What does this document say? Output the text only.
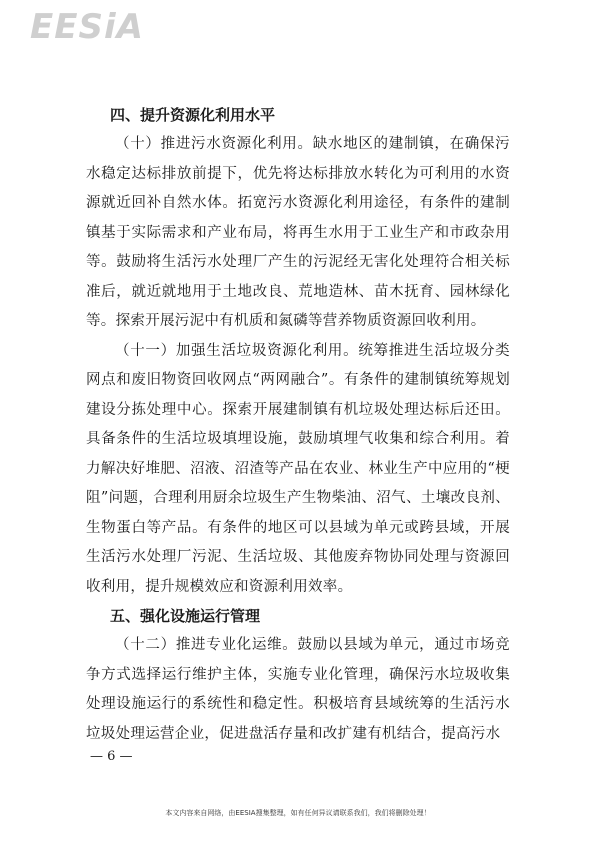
EESiA
四、提升资源化利用水平

（十）推进污水资源化利用。缺水地区的建制镇，在确保污水稳定达标排放前提下，优先将达标排放水转化为可利用的水资源就近回补自然水体。拓宽污水资源化利用途径，有条件的建制镇基于实际需求和产业布局，将再生水用于工业生产和市政杂用等。鼓励将生活污水处理厂产生的污泥经无害化处理符合相关标准后，就近就地用于土地改良、荒地造林、苗木抚育、园林绿化等。探索开展污泥中有机质和氮磷等营养物质资源回收利用。

（十一）加强生活垃圾资源化利用。统筹推进生活垃圾分类网点和废旧物资回收网点“两网融合”。有条件的建制镇统筹规划建设分拣处理中心。探索开展建制镇有机垃圾处理达标后还田。具备条件的生活垃圾填埋设施，鼓励填埋气收集和综合利用。着力解决好堆肥、沼液、沼渣等产品在农业、林业生产中应用的“梗阻”问题，合理利用厨余垃圾生产生物柴油、沼气、土壤改良剂、生物蛋白等产品。有条件的地区可以县域为单元或跨县域，开展生活污水处理厂污泥、生活垃圾、其他废弃物协同处理与资源回收利用，提升规模效应和资源利用效率。

五、强化设施运行管理

（十二）推进专业化运维。鼓励以县域为单元，通过市场竞争方式选择运行维护主体，实施专业化管理，确保污水垃圾收集处理设施运行的系统性和稳定性。积极培育县域统筹的生活污水垃圾处理运营企业，促进盘活存量和改扩建有机结合，提高污水

— 6 —
本文内容来自网络，由EESIA搜集整理，如有任何异议请联系我们，我们将删除处理！
